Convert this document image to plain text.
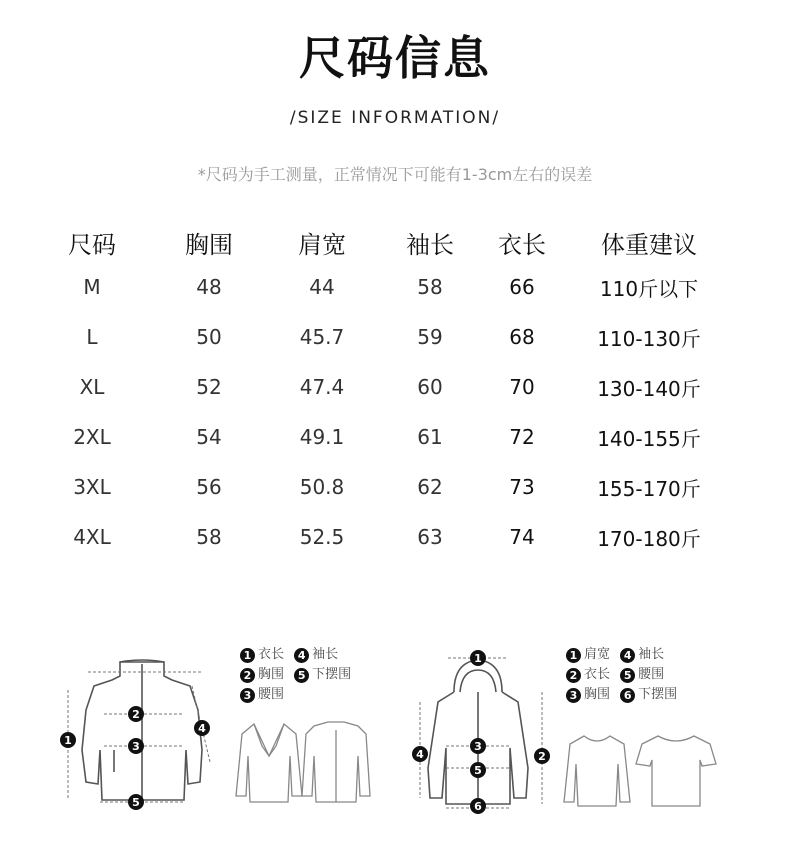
尺码信息
/SIZE INFORMATION/
*尺码为手工测量，正常情况下可能有1-3cm左右的误差
尺码	胸围	肩宽	袖长	衣长	体重建议
M	48	44	58	66	110斤以下
L	50	45.7	59	68	110-130斤
XL	52	47.4	60	70	130-140斤
2XL	54	49.1	61	72	140-155斤
3XL	56	50.8	62	73	155-170斤
4XL	58	52.5	63	74	170-180斤
1
2
3
4
5
1 衣长 4 袖长
2 胸围 5 下摆围
3 腰围
1
2
3
4
5
6
1 肩宽 4 袖长
2 衣长 5 腰围
3 胸围 6 下摆围
